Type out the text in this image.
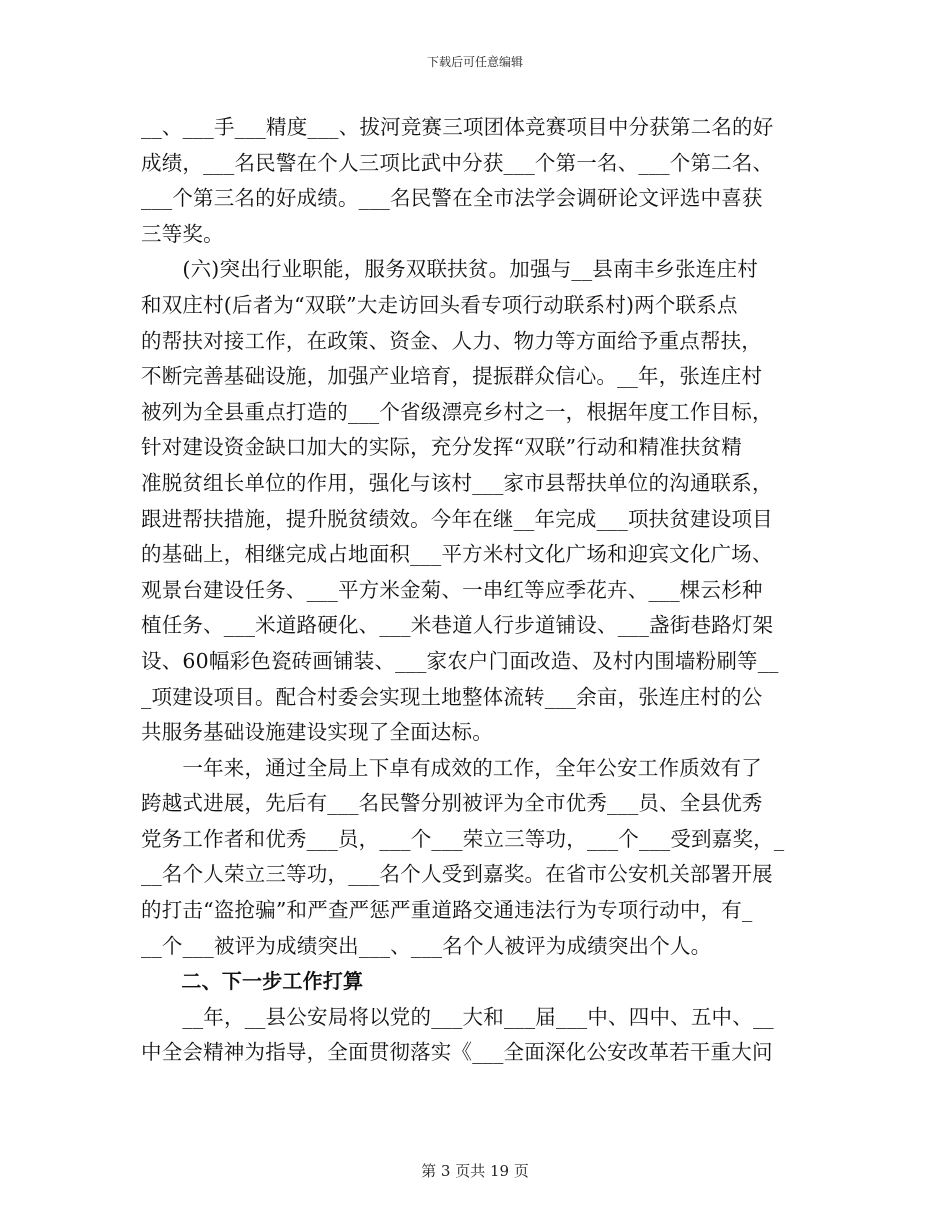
下载后可任意编辑
__、___手___精度___、拔河竞赛三项团体竞赛项目中分获第二名的好
成绩，___名民警在个人三项比武中分获___个第一名、___个第二名、
___个第三名的好成绩。___名民警在全市法学会调研论文评选中喜获
三等奖。
　　(六)突出行业职能，服务双联扶贫。加强与__县南丰乡张连庄村
和双庄村(后者为“双联”大走访回头看专项行动联系村)两个联系点
的帮扶对接工作，在政策、资金、人力、物力等方面给予重点帮扶，
不断完善基础设施，加强产业培育，提振群众信心。__年，张连庄村
被列为全县重点打造的___个省级漂亮乡村之一，根据年度工作目标，
针对建设资金缺口加大的实际，充分发挥“双联”行动和精准扶贫精
准脱贫组长单位的作用，强化与该村___家市县帮扶单位的沟通联系，
跟进帮扶措施，提升脱贫绩效。今年在继__年完成___项扶贫建设项目
的基础上，相继完成占地面积___平方米村文化广场和迎宾文化广场、
观景台建设任务、___平方米金菊、一串红等应季花卉、___棵云杉种
植任务、___米道路硬化、___米巷道人行步道铺设、___盏街巷路灯架
设、60幅彩色瓷砖画铺装、___家农户门面改造、及村内围墙粉刷等__
_项建设项目。配合村委会实现土地整体流转___余亩，张连庄村的公
共服务基础设施建设实现了全面达标。
　　一年来，通过全局上下卓有成效的工作，全年公安工作质效有了
跨越式进展，先后有___名民警分别被评为全市优秀___员、全县优秀
党务工作者和优秀___员，___个___荣立三等功，___个___受到嘉奖，_
__名个人荣立三等功，___名个人受到嘉奖。在省市公安机关部署开展
的打击“盗抢骗”和严查严惩严重道路交通违法行为专项行动中，有_
__个___被评为成绩突出___、___名个人被评为成绩突出个人。
　　二、下一步工作打算
　　__年，__县公安局将以党的___大和___届___中、四中、五中、__
中全会精神为指导，全面贯彻落实《___全面深化公安改革若干重大问
第 3 页共 19 页
